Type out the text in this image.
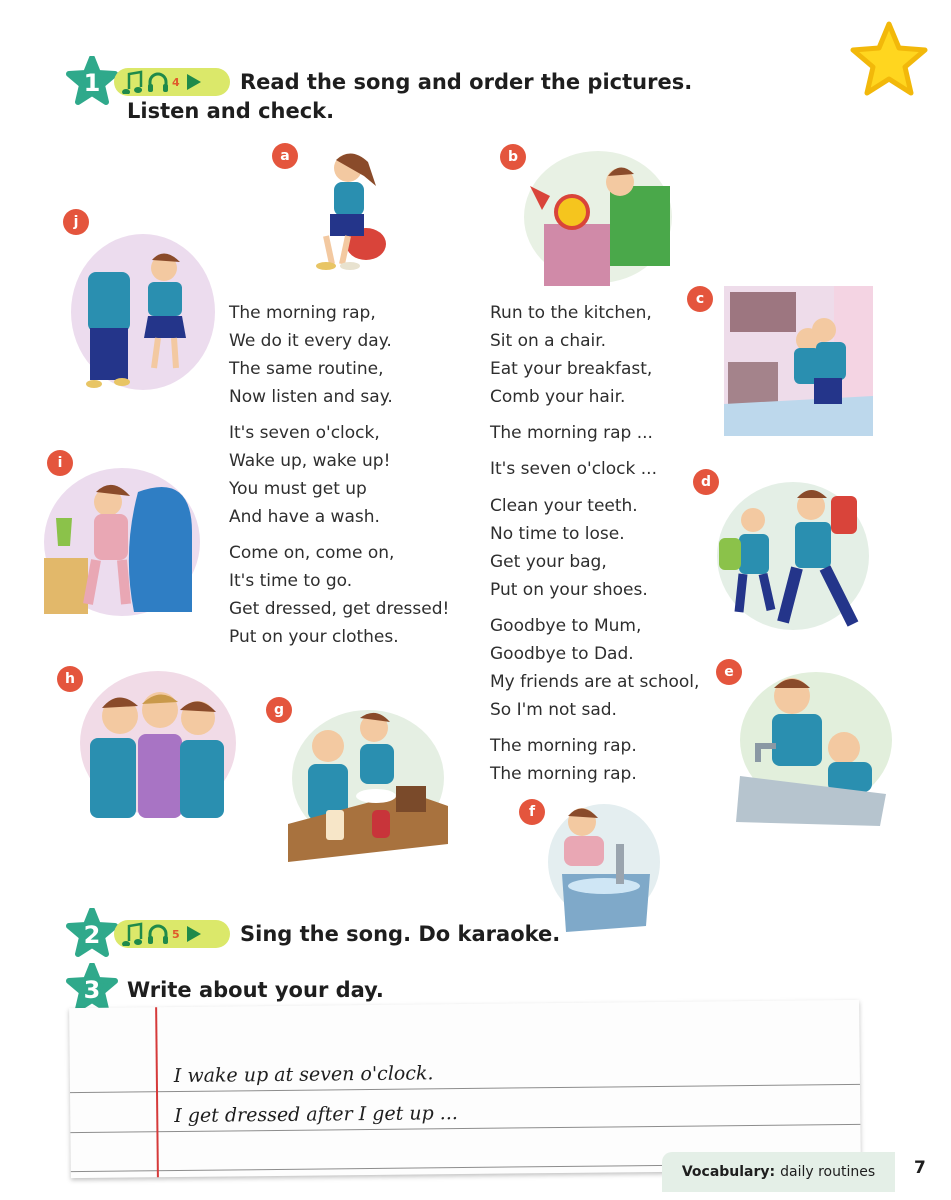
1	4	Read the song and order the pictures.
Listen and check.
a	b
j
c
i
d
h
g
e
f
The morning rap,
We do it every day.
The same routine,
Now listen and say.
It's seven o'clock,
Wake up, wake up!
You must get up
And have a wash.
Come on, come on,
It's time to go.
Get dressed, get dressed!
Put on your clothes.
Run to the kitchen,
Sit on a chair.
Eat your breakfast,
Comb your hair.
The morning rap ...
It's seven o'clock ...
Clean your teeth.
No time to lose.
Get your bag,
Put on your shoes.
Goodbye to Mum,
Goodbye to Dad.
My friends are at school,
So I'm not sad.
The morning rap.
The morning rap.
2	5	Sing the song. Do karaoke.
3	Write about your day.
I wake up at seven o'clock.
I get dressed after I get up ...
Vocabulary: daily routines 7
